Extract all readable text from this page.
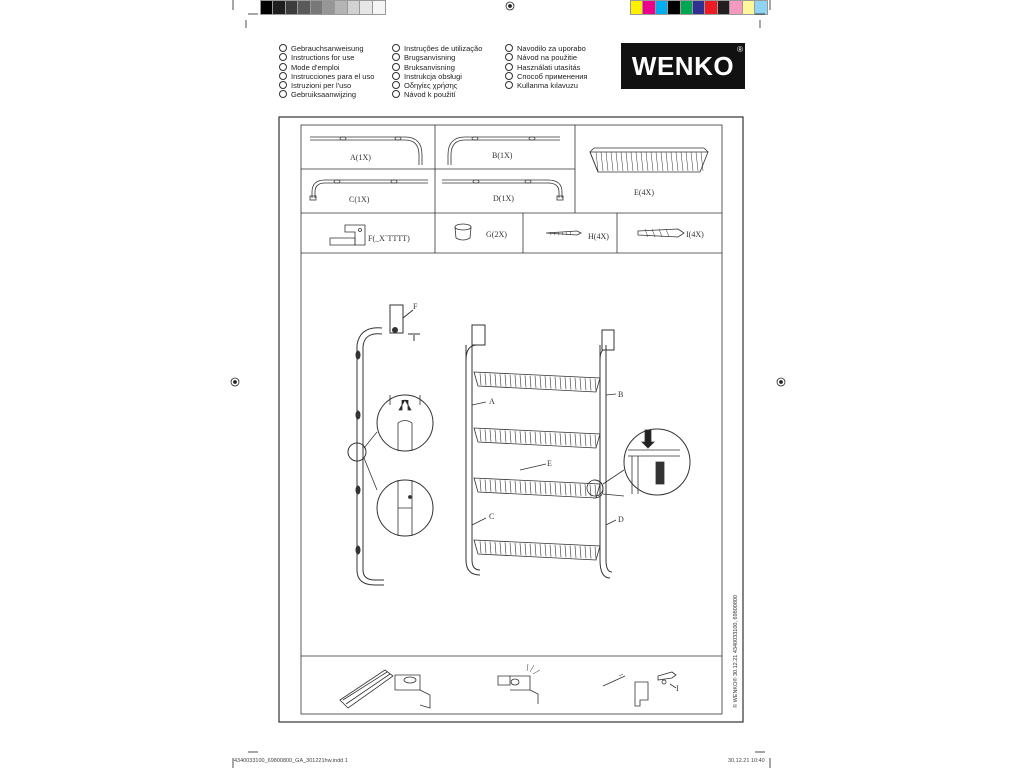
Gebrauchsanweisung
Instructions for use
Mode d'emploi
Instrucciones para el uso
Istruzioni per l'uso
Gebruiksaanwijzing
Instruções de utilização
Brugsanvisning
Bruksanvisning
Instrukcja obsługi
Οδηγίες χρήσης
Návod k použití
Navodilo za uporabo
Návod na použitie
Használati utasítás
Способ применения
Kullanma kılavuzu
WENKO
®
A(1X)	B(1X)
C(1X)	D(1X)
E(4X)
F(_X`TTTT)	G(2X)	H(4X)	I(4X)
F
A
B
C	D
E
I
4340033100_69800800_GA_301221hw.indd 1	30.12.21 10:40
© WENKO® 30.12.21 4340033100, 69800800
